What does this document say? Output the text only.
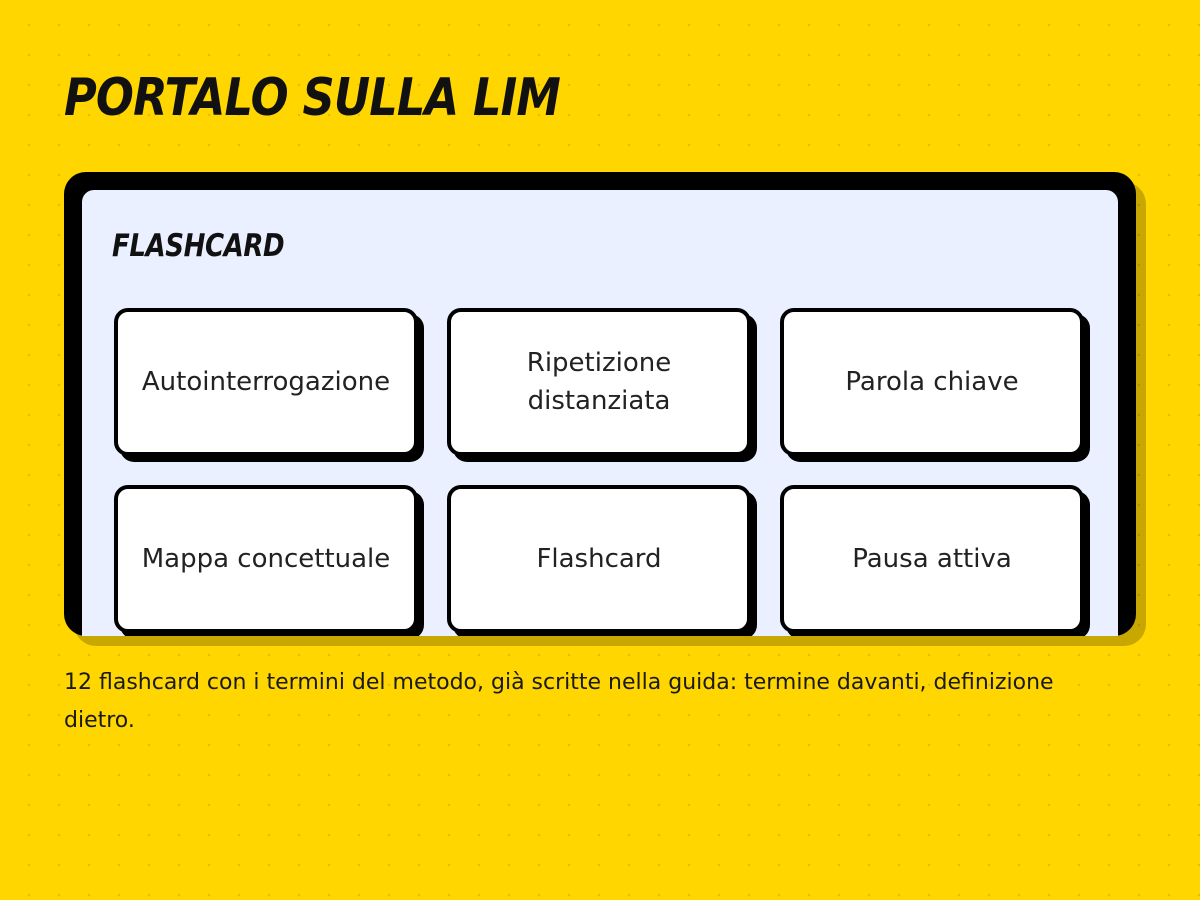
PORTALO SULLA LIM
FLASHCARD
Autointerrogazione
Ripetizione distanziata
Parola chiave
Mappa concettuale	Flashcard	Pausa attiva

12 flashcard con i termini del metodo, già scritte nella guida: termine davanti, definizione dietro.
